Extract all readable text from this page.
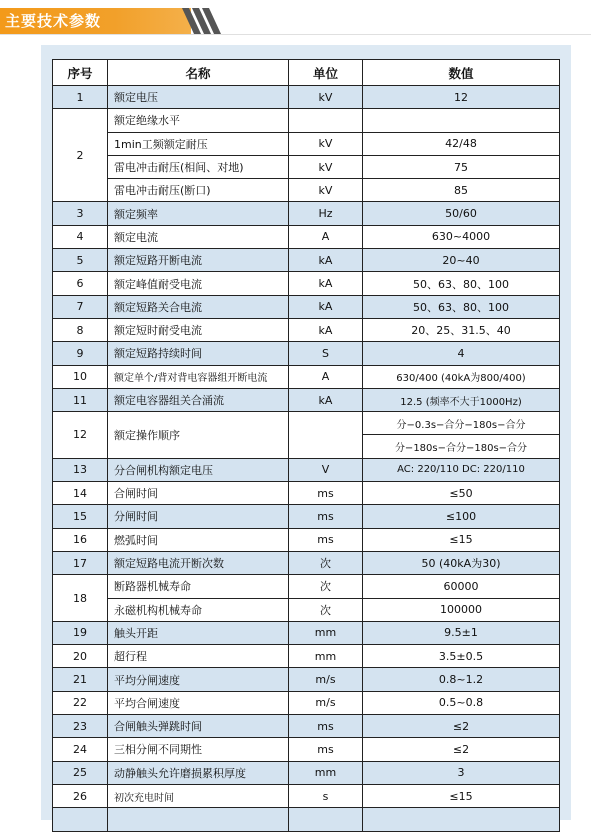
主要技术参数
序号	名称	单位	数值
1	额定电压	kV	12
2	额定绝缘水平		
	1min工频额定耐压	kV	42/48
	雷电冲击耐压(相间、对地)	kV	75
	雷电冲击耐压(断口)	kV	85
3	额定频率	Hz	50/60
4	额定电流	A	630~4000
5	额定短路开断电流	kA	20~40
6	额定峰值耐受电流	kA	50、63、80、100
7	额定短路关合电流	kA	50、63、80、100
8	额定短时耐受电流	kA	20、25、31.5、40
9	额定短路持续时间	S	4
10	额定单个/背对背电容器组开断电流	A	630/400 (40kA为800/400)
11	额定电容器组关合涌流	kA	12.5 (频率不大于1000Hz)
12	额定操作顺序		分−0.3s−合分−180s−合分
			分−180s−合分−180s−合分
13	分合闸机构额定电压	V	AC: 220/110 DC: 220/110
14	合闸时间	ms	≤50
15	分闸时间	ms	≤100
16	燃弧时间	ms	≤15
17	额定短路电流开断次数	次	50 (40kA为30)
18	断路器机械寿命	次	60000
	永磁机构机械寿命	次	100000
19	触头开距	mm	9.5±1
20	超行程	mm	3.5±0.5
21	平均分闸速度	m/s	0.8~1.2
22	平均合闸速度	m/s	0.5~0.8
23	合闸触头弹跳时间	ms	≤2
24	三相分闸不同期性	ms	≤2
25	动静触头允许磨损累积厚度	mm	3
26	初次充电时间	s	≤15
